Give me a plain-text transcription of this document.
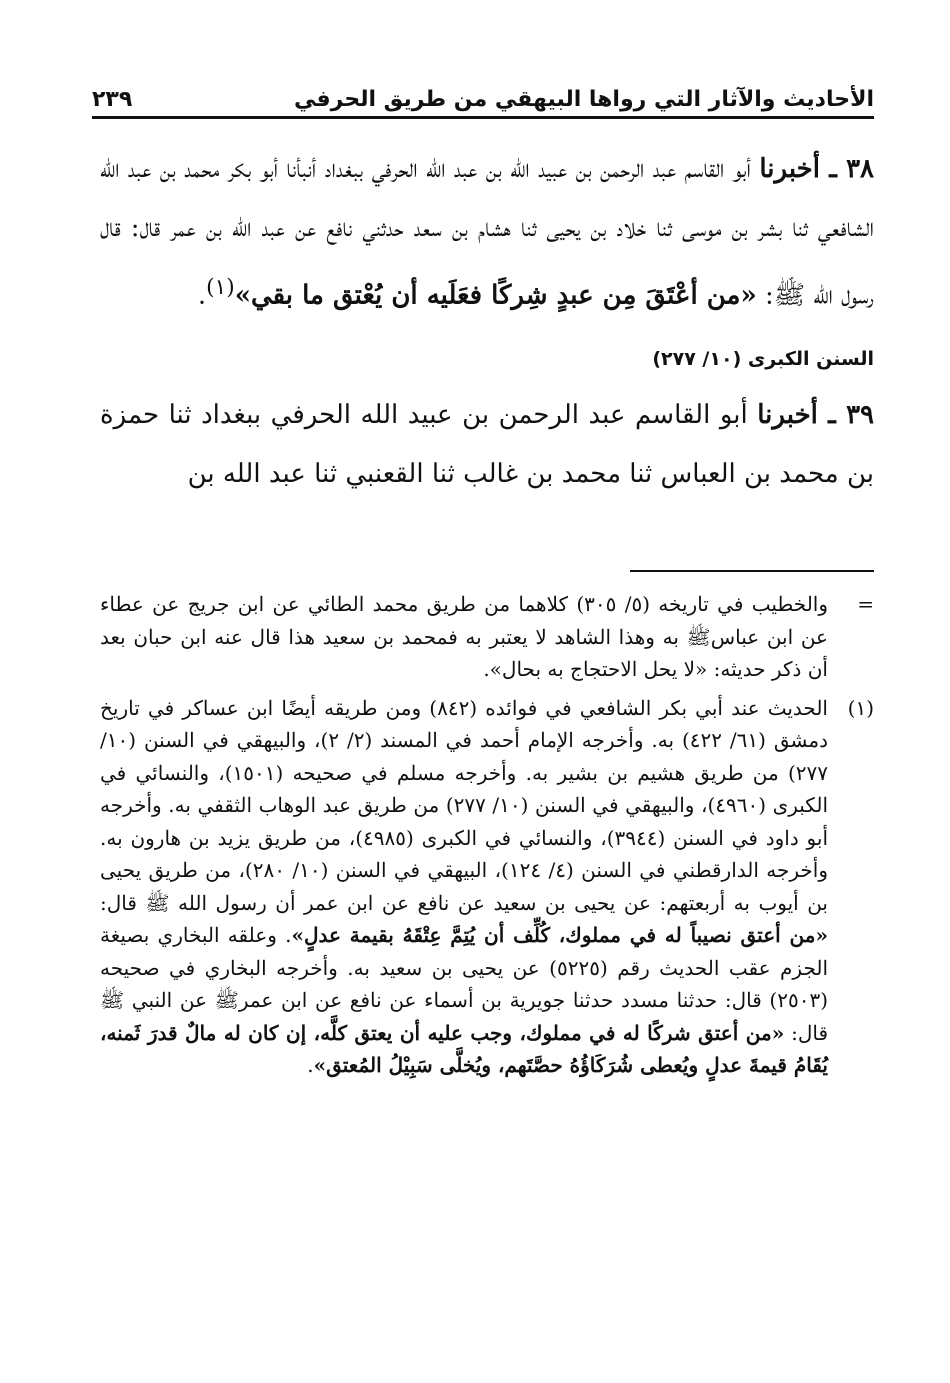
الأحاديث والآثار التي رواها البيهقي من طريق الحرفي
٢٣٩

٣٨ ـ أخبرنا أبو القاسم عبد الرحمن بن عبيد الله بن عبد الله الحرفي ببغداد أنبأنا أبو بكر محمد بن عبد الله الشافعي ثنا بشر بن موسى ثنا خلاد بن يحيى ثنا هشام بن سعد حدثني نافع عن عبد الله بن عمر قال: قال رسول الله ﷺ: «من أعْتَقَ مِن عبدٍ شِركًا فعَلَيه أن يُعْتق ما بقي»$^{(١)}$.

السنن الكبرى (١٠/ ٢٧٧)

٣٩ ـ أخبرنا أبو القاسم عبد الرحمن بن عبيد الله الحرفي ببغداد ثنا حمزة بن محمد بن العباس ثنا محمد بن غالب ثنا القعنبي ثنا عبد الله بن

=
والخطيب في تاريخه (٥/ ٣٠٥) كلاهما من طريق محمد الطائي عن ابن جريج عن عطاء عن ابن عباسﷺ به وهذا الشاهد لا يعتبر به فمحمد بن سعيد هذا قال عنه ابن حبان بعد أن ذكر حديثه: «لا يحل الاحتجاج به بحال».
(١)
الحديث عند أبي بكر الشافعي في فوائده (٨٤٢) ومن طريقه أيضًا ابن عساكر في تاريخ دمشق (٦١/ ٤٢٢) به. وأخرجه الإمام أحمد في المسند (٢/ ٢)، والبيهقي في السنن (١٠/ ٢٧٧) من طريق هشيم بن بشير به. وأخرجه مسلم في صحيحه (١٥٠١)، والنسائي في الكبرى (٤٩٦٠)، والبيهقي في السنن (١٠/ ٢٧٧) من طريق عبد الوهاب الثقفي به. وأخرجه أبو داود في السنن (٣٩٤٤)، والنسائي في الكبرى (٤٩٨٥)، من طريق يزيد بن هارون به. وأخرجه الدارقطني في السنن (٤/ ١٢٤)، البيهقي في السنن (١٠/ ٢٨٠)، من طريق يحيى بن أيوب به أربعتهم: عن يحيى بن سعيد عن نافع عن ابن عمر أن رسول الله ﷺ قال: «من أعتق نصيباً له في مملوك، كُلِّف أن يُتِمَّ عِتْقَهُ بقيمة عدلٍ». وعلقه البخاري بصيغة الجزم عقب الحديث رقم (٥٢٢٥) عن يحيى بن سعيد به. وأخرجه البخاري في صحيحه (٢٥٠٣) قال: حدثنا مسدد حدثنا جويرية بن أسماء عن نافع عن ابن عمرﷺ عن النبي ﷺ قال: «من أعتق شركًا له في مملوك، وجب عليه أن يعتق كلَّه، إن كان له مالٌ قدرَ ثَمنه، يُقَامُ قيمةَ عدلٍ ويُعطى شُرَكَاؤُهُ حصَّتَهم، ويُخلَّى سَبِيْلُ المُعتق».
